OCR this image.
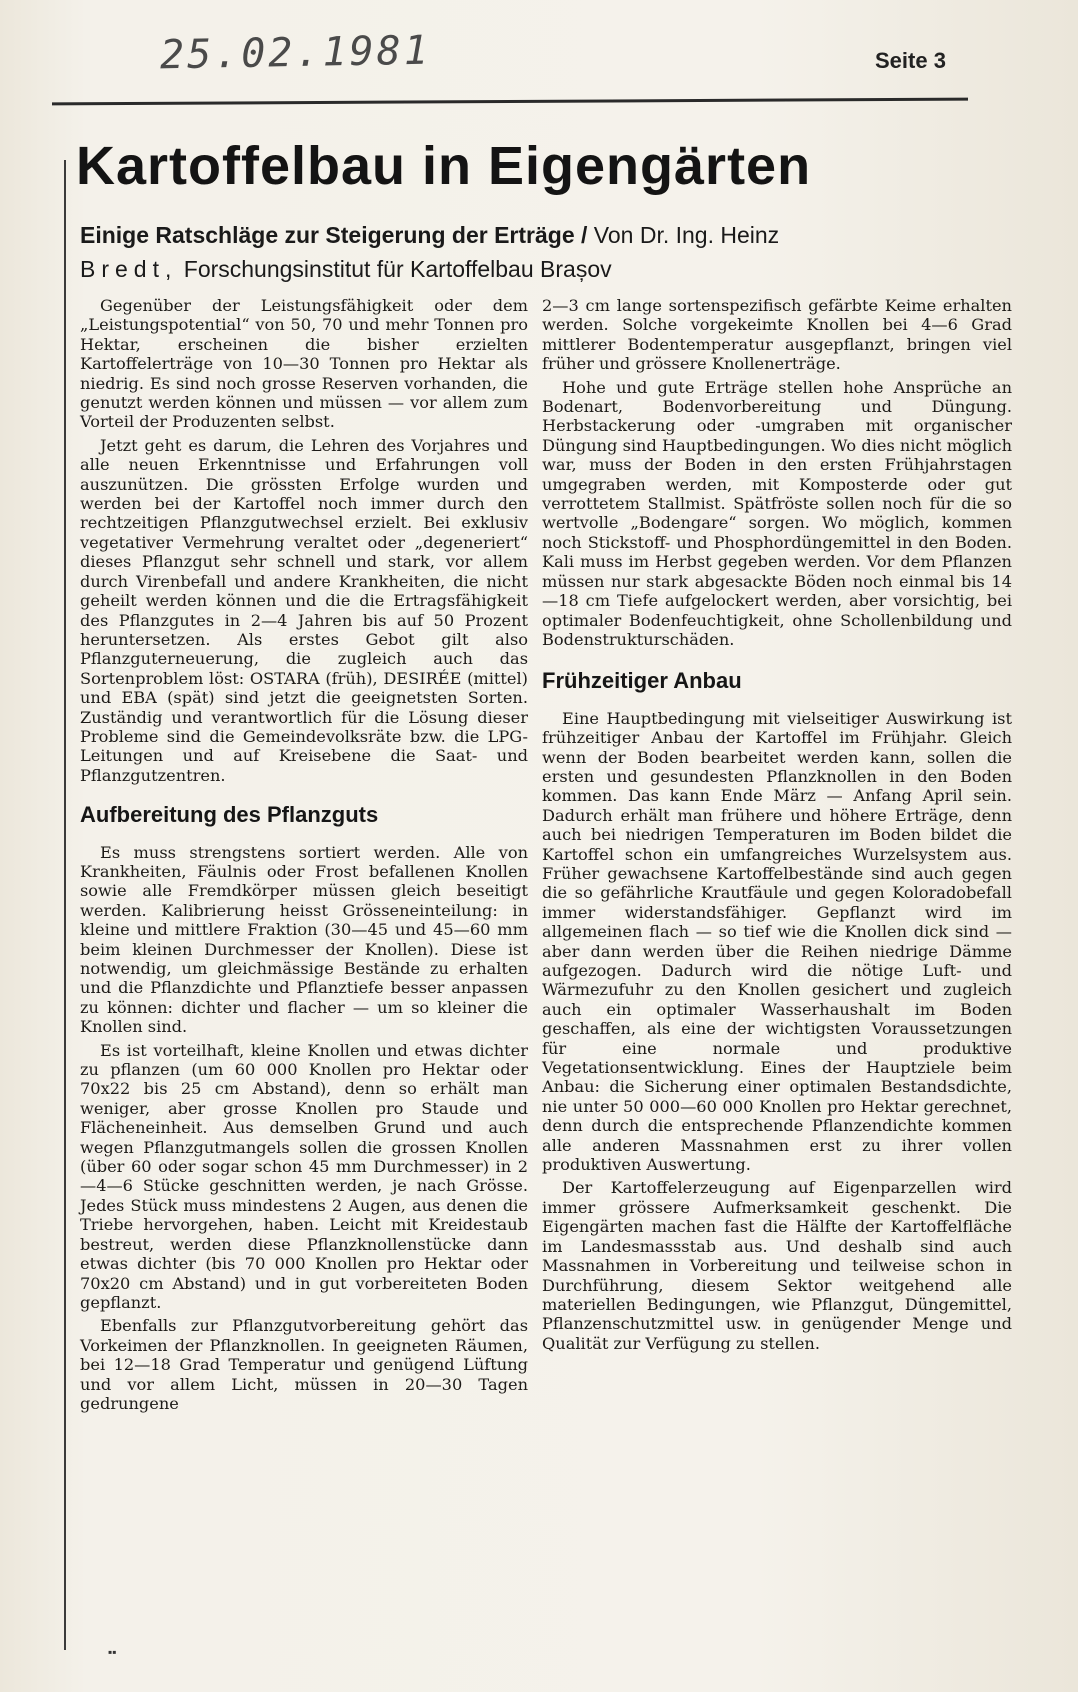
25.02.1981	Seite 3
Kartoffelbau in Eigengärten

Einige Ratschläge zur Steigerung der Erträge / Von Dr. Ing. Heinz
Bredt, Forschungsinstitut für Kartoffelbau Brașov

Gegenüber der Leistungsfähigkeit oder dem „Leistungspotential“ von 50, 70 und mehr Tonnen pro Hektar, erscheinen die bisher erzielten Kartoffelerträge von 10—30 Tonnen pro Hektar als niedrig. Es sind noch grosse Reserven vorhanden, die genutzt werden können und müssen — vor allem zum Vorteil der Produzenten selbst.

Jetzt geht es darum, die Lehren des Vorjahres und alle neuen Erkenntnisse und Erfahrungen voll auszunützen. Die grössten Erfolge wurden und werden bei der Kartoffel noch immer durch den rechtzeitigen Pflanzgutwechsel erzielt. Bei exklusiv vegetativer Vermehrung veraltet oder „degeneriert“ dieses Pflanzgut sehr schnell und stark, vor allem durch Virenbefall und andere Krankheiten, die nicht geheilt werden können und die die Ertragsfähigkeit des Pflanzgutes in 2—4 Jahren bis auf 50 Prozent heruntersetzen. Als erstes Gebot gilt also Pflanzguterneuerung, die zugleich auch das Sortenproblem löst: OSTARA (früh), DESIRÉE (mittel) und EBA (spät) sind jetzt die geeignetsten Sorten. Zuständig und verantwortlich für die Lösung dieser Probleme sind die Gemeindevolksräte bzw. die LPG-Leitungen und auf Kreisebene die Saat- und Pflanzgutzentren.

Aufbereitung des Pflanzguts

Es muss strengstens sortiert werden. Alle von Krankheiten, Fäulnis oder Frost befallenen Knollen sowie alle Fremdkörper müssen gleich beseitigt werden. Kalibrierung heisst Grösseneinteilung: in kleine und mittlere Fraktion (30—45 und 45—60 mm beim kleinen Durchmesser der Knollen). Diese ist notwendig, um gleichmässige Bestände zu erhalten und die Pflanzdichte und Pflanztiefe besser anpassen zu können: dichter und flacher — um so kleiner die Knollen sind.

Es ist vorteilhaft, kleine Knollen und etwas dichter zu pflanzen (um 60 000 Knollen pro Hektar oder 70x22 bis 25 cm Abstand), denn so erhält man weniger, aber grosse Knollen pro Staude und Flächeneinheit. Aus demselben Grund und auch wegen Pflanzgutmangels sollen die grossen Knollen (über 60 oder sogar schon 45 mm Durchmesser) in 2—4—6 Stücke geschnitten werden, je nach Grösse. Jedes Stück muss mindestens 2 Augen, aus denen die Triebe hervorgehen, haben. Leicht mit Kreidestaub bestreut, werden diese Pflanzknollenstücke dann etwas dichter (bis 70 000 Knollen pro Hektar oder 70x20 cm Abstand) und in gut vorbereiteten Boden gepflanzt.

Ebenfalls zur Pflanzgutvorbereitung gehört das Vorkeimen der Pflanzknollen. In geeigneten Räumen, bei 12—18 Grad Temperatur und genügend Lüftung und vor allem Licht, müssen in 20—30 Tagen gedrungene

2—3 cm lange sortenspezifisch gefärbte Keime erhalten werden. Solche vorgekeimte Knollen bei 4—6 Grad mittlerer Bodentemperatur ausgepflanzt, bringen viel früher und grössere Knollenerträge.

Hohe und gute Erträge stellen hohe Ansprüche an Bodenart, Bodenvorbereitung und Düngung. Herbstackerung oder -umgraben mit organischer Düngung sind Hauptbedingungen. Wo dies nicht möglich war, muss der Boden in den ersten Frühjahrstagen umgegraben werden, mit Komposterde oder gut verrottetem Stallmist. Spätfröste sollen noch für die so wertvolle „Bodengare“ sorgen. Wo möglich, kommen noch Stickstoff- und Phosphordüngemittel in den Boden. Kali muss im Herbst gegeben werden. Vor dem Pflanzen müssen nur stark abgesackte Böden noch einmal bis 14—18 cm Tiefe aufgelockert werden, aber vorsichtig, bei optimaler Bodenfeuchtigkeit, ohne Schollenbildung und Bodenstrukturschäden.

Frühzeitiger Anbau

Eine Hauptbedingung mit vielseitiger Auswirkung ist frühzeitiger Anbau der Kartoffel im Frühjahr. Gleich wenn der Boden bearbeitet werden kann, sollen die ersten und gesundesten Pflanzknollen in den Boden kommen. Das kann Ende März — Anfang April sein. Dadurch erhält man frühere und höhere Erträge, denn auch bei niedrigen Temperaturen im Boden bildet die Kartoffel schon ein umfangreiches Wurzelsystem aus. Früher gewachsene Kartoffelbestände sind auch gegen die so gefährliche Krautfäule und gegen Koloradobefall immer widerstandsfähiger. Gepflanzt wird im allgemeinen flach — so tief wie die Knollen dick sind — aber dann werden über die Reihen niedrige Dämme aufgezogen. Dadurch wird die nötige Luft- und Wärmezufuhr zu den Knollen gesichert und zugleich auch ein optimaler Wasserhaushalt im Boden geschaffen, als eine der wichtigsten Voraussetzungen für eine normale und produktive Vegetationsentwicklung. Eines der Hauptziele beim Anbau: die Sicherung einer optimalen Bestandsdichte, nie unter 50 000—60 000 Knollen pro Hektar gerechnet, denn durch die entsprechende Pflanzendichte kommen alle anderen Massnahmen erst zu ihrer vollen produktiven Auswertung.

Der Kartoffelerzeugung auf Eigenparzellen wird immer grössere Aufmerksamkeit geschenkt. Die Eigengärten machen fast die Hälfte der Kartoffelfläche im Landesmassstab aus. Und deshalb sind auch Massnahmen in Vorbereitung und teilweise schon in Durchführung, diesem Sektor weitgehend alle materiellen Bedingungen, wie Pflanzgut, Düngemittel, Pflanzenschutzmittel usw. in genügender Menge und Qualität zur Verfügung zu stellen.

▪▪
